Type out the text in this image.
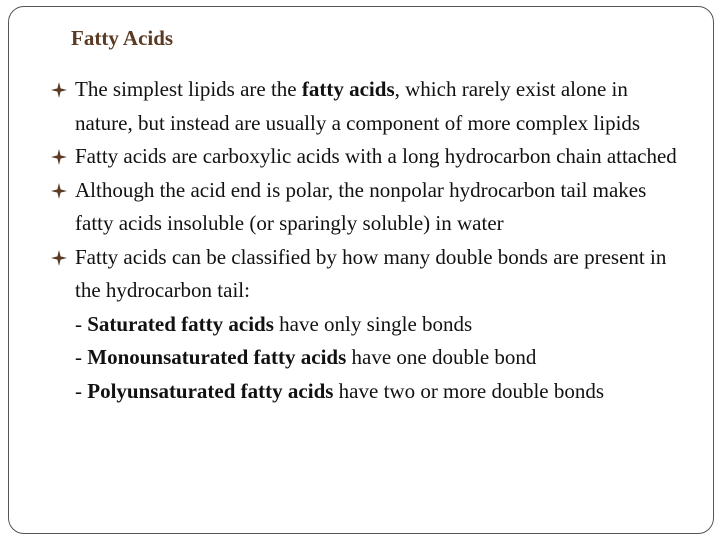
Fatty Acids
The simplest lipids are the fatty acids, which rarely exist alone in nature, but instead are usually a component of more complex lipids
Fatty acids are carboxylic acids with a long hydrocarbon chain attached
Although the acid end is polar, the nonpolar hydrocarbon tail makes fatty acids insoluble (or sparingly soluble) in water
Fatty acids can be classified by how many double bonds are present in the hydrocarbon tail:
- Saturated fatty acids have only single bonds
- Monounsaturated fatty acids have one double bond
- Polyunsaturated fatty acids have two or more double bonds
